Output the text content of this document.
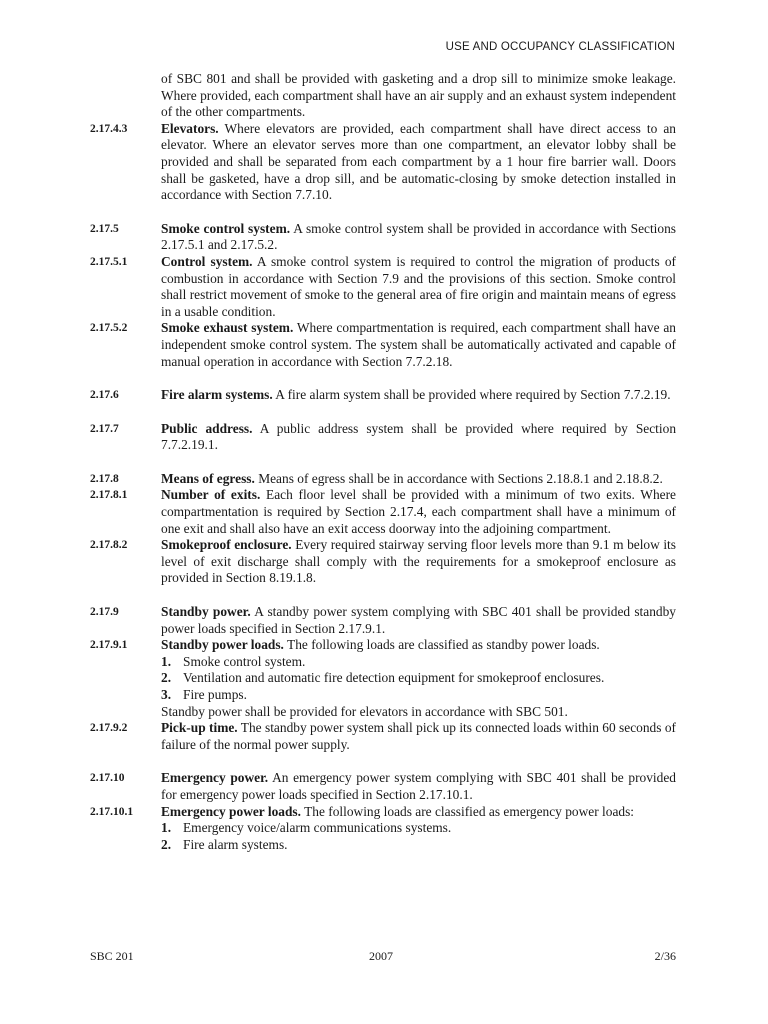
USE AND OCCUPANCY CLASSIFICATION
of SBC 801 and shall be provided with gasketing and a drop sill to minimize smoke leakage. Where provided, each compartment shall have an air supply and an exhaust system independent of the other compartments.
2.17.4.3	Elevators. Where elevators are provided, each compartment shall have direct access to an elevator. Where an elevator serves more than one compartment, an elevator lobby shall be provided and shall be separated from each compartment by a 1 hour fire barrier wall. Doors shall be gasketed, have a drop sill, and be automatic-closing by smoke detection installed in accordance with Section 7.7.10.
2.17.5	Smoke control system. A smoke control system shall be provided in accordance with Sections 2.17.5.1 and 2.17.5.2.
2.17.5.1	Control system. A smoke control system is required to control the migration of products of combustion in accordance with Section 7.9 and the provisions of this section. Smoke control shall restrict movement of smoke to the general area of fire origin and maintain means of egress in a usable condition.
2.17.5.2	Smoke exhaust system. Where compartmentation is required, each compartment shall have an independent smoke control system. The system shall be automatically activated and capable of manual operation in accordance with Section 7.7.2.18.
2.17.6	Fire alarm systems. A fire alarm system shall be provided where required by Section 7.7.2.19.
2.17.7	Public address. A public address system shall be provided where required by Section 7.7.2.19.1.
2.17.8	Means of egress. Means of egress shall be in accordance with Sections 2.18.8.1 and 2.18.8.2.
2.17.8.1	Number of exits. Each floor level shall be provided with a minimum of two exits. Where compartmentation is required by Section 2.17.4, each compartment shall have a minimum of one exit and shall also have an exit access doorway into the adjoining compartment.
2.17.8.2	Smokeproof enclosure. Every required stairway serving floor levels more than 9.1 m below its level of exit discharge shall comply with the requirements for a smokeproof enclosure as provided in Section 8.19.1.8.
2.17.9	Standby power. A standby power system complying with SBC 401 shall be provided standby power loads specified in Section 2.17.9.1.
2.17.9.1	Standby power loads. The following loads are classified as standby power loads.
1. Smoke control system.
2. Ventilation and automatic fire detection equipment for smokeproof enclosures.
3. Fire pumps.
Standby power shall be provided for elevators in accordance with SBC 501.
2.17.9.2	Pick-up time. The standby power system shall pick up its connected loads within 60 seconds of failure of the normal power supply.
2.17.10	Emergency power. An emergency power system complying with SBC 401 shall be provided for emergency power loads specified in Section 2.17.10.1.
2.17.10.1	Emergency power loads. The following loads are classified as emergency power loads:
1. Emergency voice/alarm communications systems.
2. Fire alarm systems.
SBC 201	2007	2/36
